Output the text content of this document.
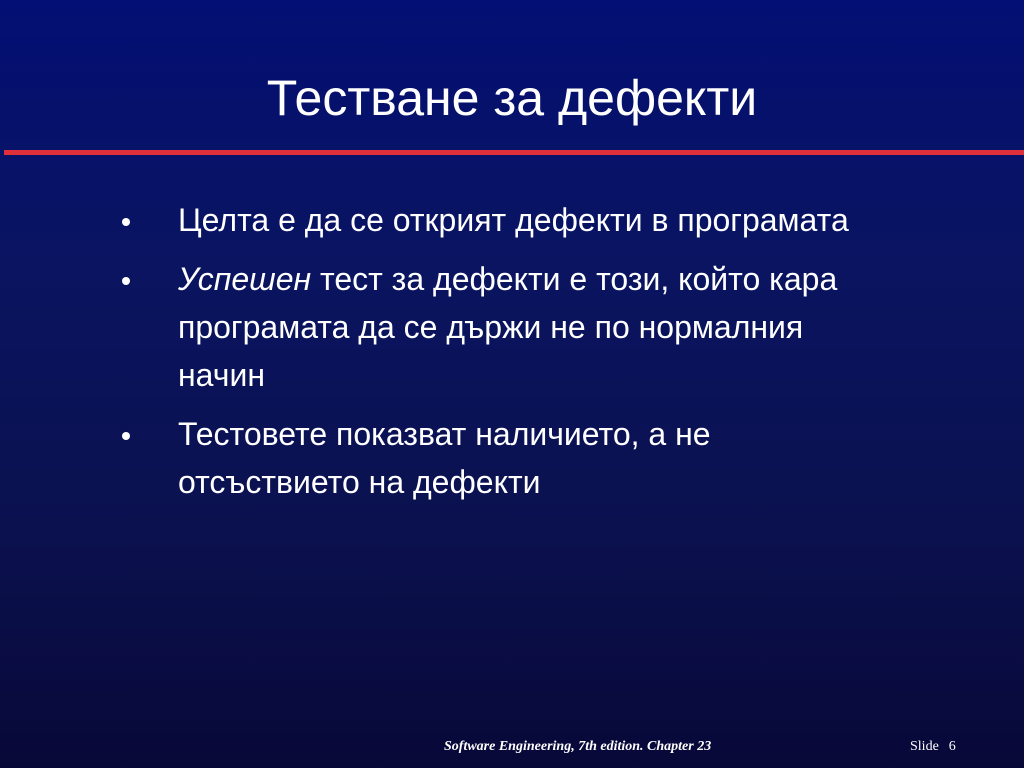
Тестване за дефекти
Целта е да се открият дефекти в програмата
Успешен тест за дефекти е този, който кара програмата да се държи не по нормалния начин
Тестовете показват наличието, а не отсъствието на дефекти
Software Engineering, 7th edition. Chapter 23	Slide 6
